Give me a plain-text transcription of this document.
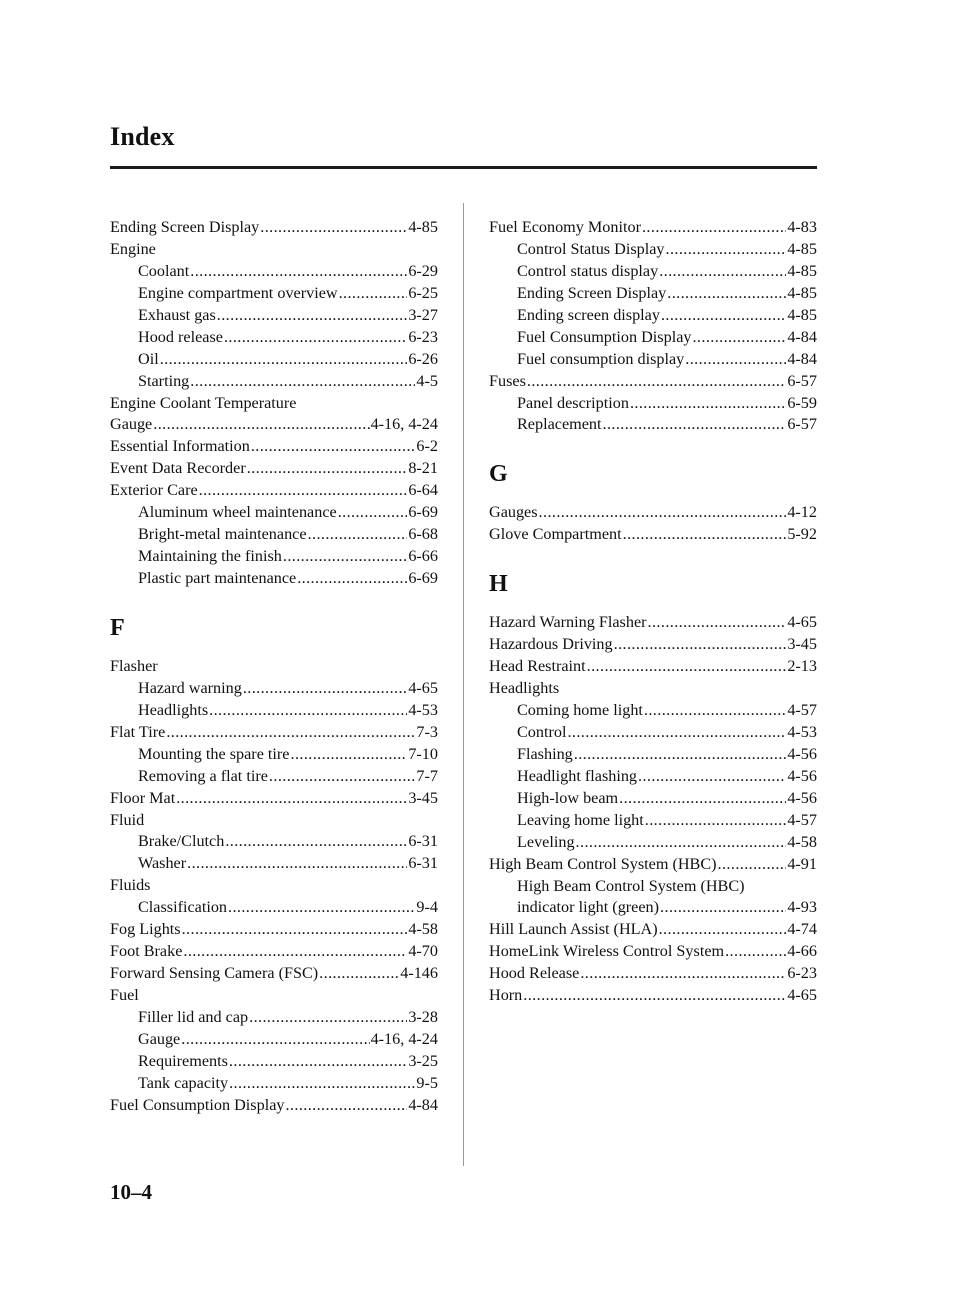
Index
Ending Screen Display .....	4-85
Engine
Coolant .....	6-29
Engine compartment overview .....	6-25
Exhaust gas .....	3-27
Hood release .....	6-23
Oil .....	6-26
Starting .....	4-5
Engine Coolant Temperature
Gauge .....	4-16, 4-24
Essential Information .....	6-2
Event Data Recorder .....	8-21
Exterior Care .....	6-64
Aluminum wheel maintenance .....	6-69
Bright-metal maintenance .....	6-68
Maintaining the finish .....	6-66
Plastic part maintenance .....	6-69
F
Flasher
Hazard warning .....	4-65
Headlights .....	4-53
Flat Tire .....	7-3
Mounting the spare tire .....	7-10
Removing a flat tire .....	7-7
Floor Mat .....	3-45
Fluid
Brake/Clutch .....	6-31
Washer .....	6-31
Fluids
Classification .....	9-4
Fog Lights .....	4-58
Foot Brake .....	4-70
Forward Sensing Camera (FSC) .....	4-146
Fuel
Filler lid and cap .....	3-28
Gauge .....	4-16, 4-24
Requirements .....	3-25
Tank capacity .....	9-5
Fuel Consumption Display .....	4-84
Fuel Economy Monitor .....	4-83
Control Status Display .....	4-85
Control status display .....	4-85
Ending Screen Display .....	4-85
Ending screen display .....	4-85
Fuel Consumption Display .....	4-84
Fuel consumption display .....	4-84
Fuses .....	6-57
Panel description .....	6-59
Replacement .....	6-57
G
Gauges .....	4-12
Glove Compartment .....	5-92
H
Hazard Warning Flasher .....	4-65
Hazardous Driving .....	3-45
Head Restraint .....	2-13
Headlights
Coming home light .....	4-57
Control .....	4-53
Flashing .....	4-56
Headlight flashing .....	4-56
High-low beam .....	4-56
Leaving home light .....	4-57
Leveling .....	4-58
High Beam Control System (HBC) .....	4-91
High Beam Control System (HBC)
indicator light (green) .....	4-93
Hill Launch Assist (HLA) .....	4-74
HomeLink Wireless Control System .....	4-66
Hood Release .....	6-23
Horn .....	4-65
10–4
